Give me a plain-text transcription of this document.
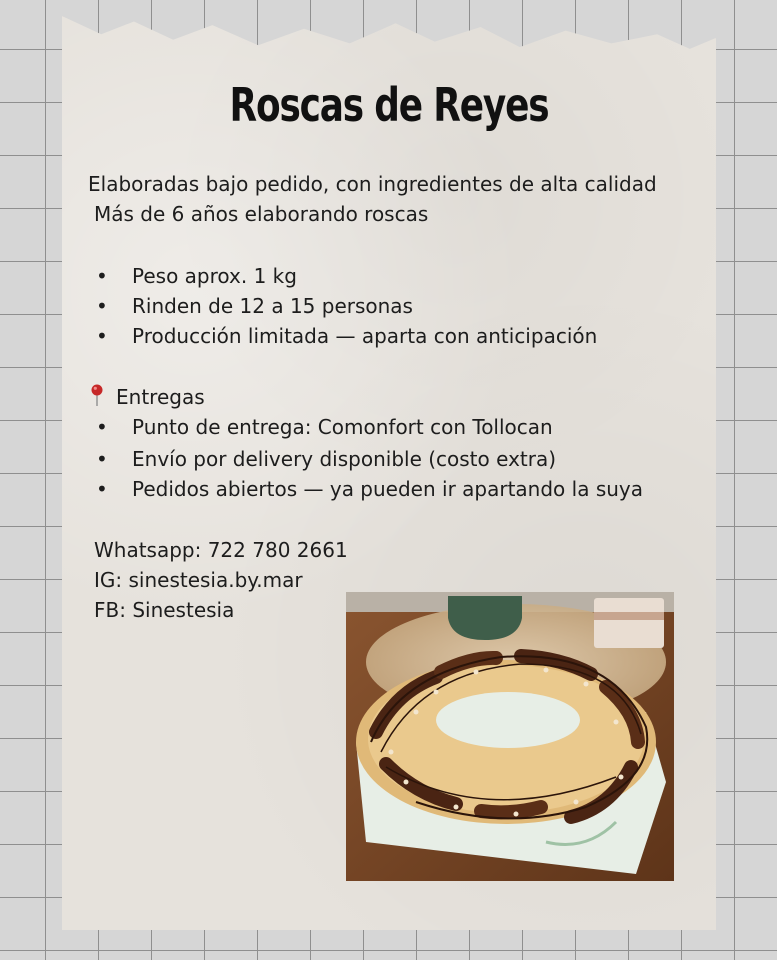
Roscas de Reyes
Elaboradas bajo pedido, con ingredientes de alta calidad
Más de 6 años elaborando roscas
• Peso aprox. 1 kg
• Rinden de 12 a 15 personas
• Producción limitada — aparta con anticipación
Entregas
• Punto de entrega: Comonfort con Tollocan
• Envío por delivery disponible (costo extra)
• Pedidos abiertos — ya pueden ir apartando la suya
Whatsapp: 722 780 2661
IG: sinestesia.by.mar
FB: Sinestesia
